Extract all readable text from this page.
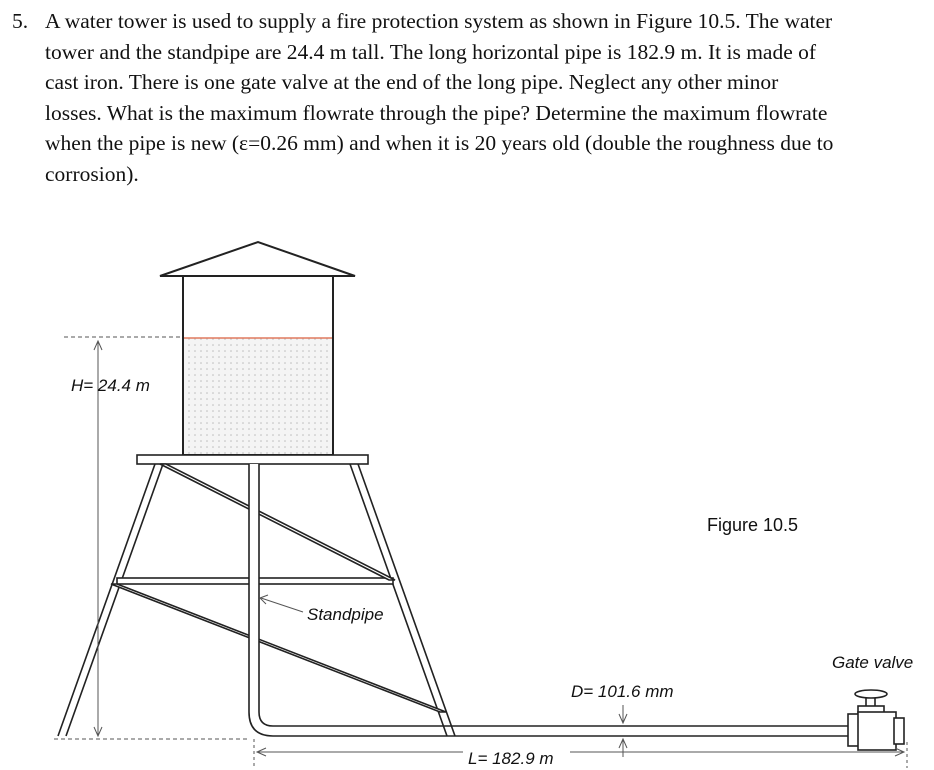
5. A water tower is used to supply a fire protection system as shown in Figure 10.5. The water
tower and the standpipe are 24.4 m tall. The long horizontal pipe is 182.9 m. It is made of
cast iron. There is one gate valve at the end of the long pipe. Neglect any other minor
losses. What is the maximum flowrate through the pipe? Determine the maximum flowrate
when the pipe is new (ε=0.26 mm) and when it is 20 years old (double the roughness due to
corrosion).
Figure 10.5
H= 24.4 m
Standpipe
D= 101.6 mm
L= 182.9 m
Gate valve
